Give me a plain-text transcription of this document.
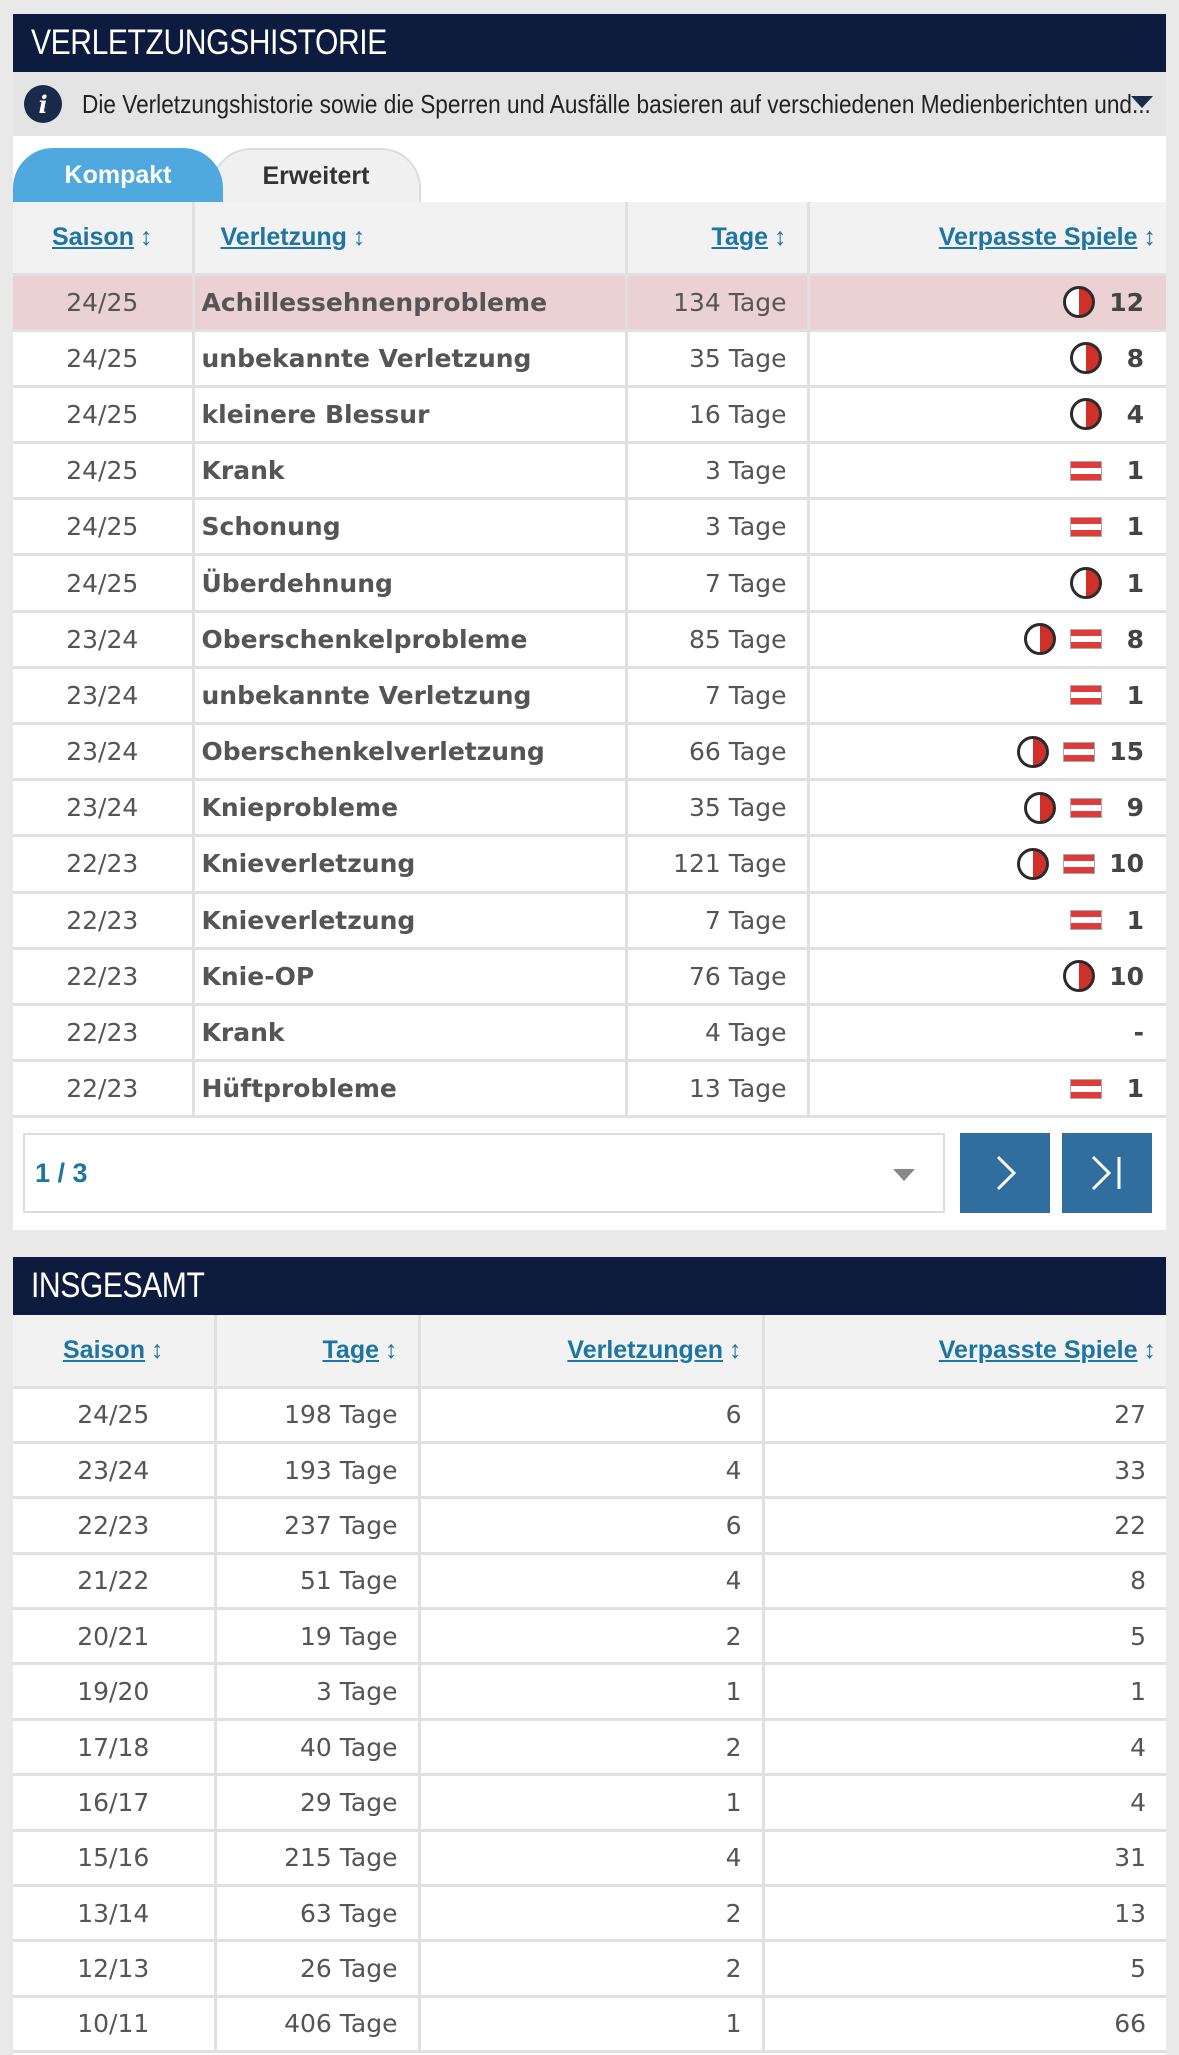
VERLETZUNGSHISTORIE
i	Die Verletzungshistorie sowie die Sperren und Ausfälle basieren auf verschiedenen Medienberichten und...
Erweitert
Kompakt
Saison ↕	Verletzung ↕	Tage ↕	Verpasste Spiele ↕
24/25	Achillessehnenprobleme	134 Tage	12

24/25	unbekannte Verletzung	35 Tage	8

24/25	kleinere Blessur	16 Tage	4

24/25	Krank	3 Tage	1

24/25	Schonung	3 Tage	1

24/25	Überdehnung	7 Tage	1

23/24	Oberschenkelprobleme	85 Tage	8

23/24	unbekannte Verletzung	7 Tage	1

23/24	Oberschenkelverletzung	66 Tage	15

23/24	Knieprobleme	35 Tage	9

22/23	Knieverletzung	121 Tage	10

22/23	Knieverletzung	7 Tage	1

22/23	Knie-OP	76 Tage	10

22/23	Krank	4 Tage	-

22/23	Hüftprobleme	13 Tage	1
1 / 3
INSGESAMT
Saison ↕	Tage ↕	Verletzungen ↕	Verpasste Spiele ↕
24/25	198 Tage	6	27
23/24	193 Tage	4	33
22/23	237 Tage	6	22
21/22	51 Tage	4	8
20/21	19 Tage	2	5
19/20	3 Tage	1	1
17/18	40 Tage	2	4
16/17	29 Tage	1	4
15/16	215 Tage	4	31
13/14	63 Tage	2	13
12/13	26 Tage	2	5
10/11	406 Tage	1	66
